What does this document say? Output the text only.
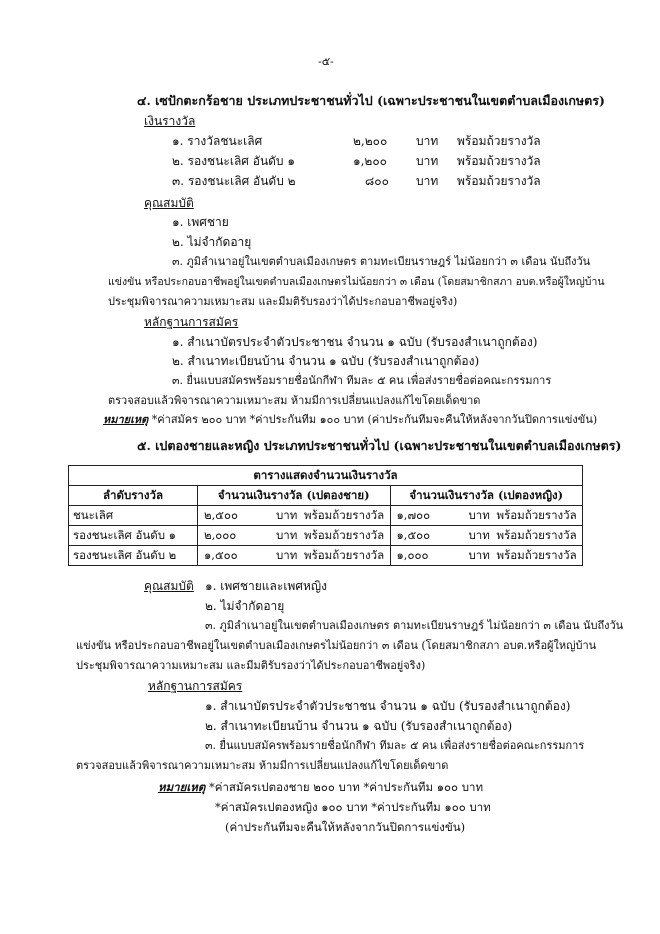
-๕-
๔. เซปักตะกร้อชาย ประเภทประชาชนทั่วไป (เฉพาะประชาชนในเขตตำบลเมืองเกษตร)
เงินรางวัล
๑. รางวัลชนะเลิศ	๒,๒๐๐ บาท พร้อมถ้วยรางวัล
๒. รองชนะเลิศ อันดับ ๑	๑,๒๐๐ บาท พร้อมถ้วยรางวัล
๓. รองชนะเลิศ อันดับ ๒	๘๐๐ บาท พร้อมถ้วยรางวัล
คุณสมบัติ
๑. เพศชาย
๒. ไม่จำกัดอายุ
๓. ภูมิลำเนาอยู่ในเขตตำบลเมืองเกษตร ตามทะเบียนราษฎร์ ไม่น้อยกว่า ๓ เดือน นับถึงวัน
แข่งขัน หรือประกอบอาชีพอยู่ในเขตตำบลเมืองเกษตรไม่น้อยกว่า ๓ เดือน (โดยสมาชิกสภา อบต.หรือผู้ใหญ่บ้าน
ประชุมพิจารณาความเหมาะสม และมีมติรับรองว่าได้ประกอบอาชีพอยู่จริง)
หลักฐานการสมัคร
๑. สำเนาบัตรประจำตัวประชาชน จำนวน ๑ ฉบับ (รับรองสำเนาถูกต้อง)
๒. สำเนาทะเบียนบ้าน จำนวน ๑ ฉบับ (รับรองสำเนาถูกต้อง)
๓. ยื่นแบบสมัครพร้อมรายชื่อนักกีฬา ทีมละ ๕ คน เพื่อส่งรายชื่อต่อคณะกรรมการ
ตรวจสอบแล้วพิจารณาความเหมาะสม ห้ามมีการเปลี่ยนแปลงแก้ไขโดยเด็ดขาด
หมายเหตุ *ค่าสมัคร ๒๐๐ บาท *ค่าประกันทีม ๑๐๐ บาท (ค่าประกันทีมจะคืนให้หลังจากวันปิดการแข่งขัน)
๕. เปตองชายและหญิง ประเภทประชาชนทั่วไป (เฉพาะประชาชนในเขตตำบลเมืองเกษตร)
ตารางแสดงจำนวนเงินรางวัล		
ลำดับรางวัล	จำนวนเงินรางวัล (เปตองชาย)	จำนวนเงินรางวัล (เปตองหญิง)
ชนะเลิศ	๒,๕๐๐ บาท พร้อมถ้วยรางวัล	๑,๗๐๐ บาท พร้อมถ้วยรางวัล
รองชนะเลิศ อันดับ ๑	๒,๐๐๐ บาท พร้อมถ้วยรางวัล	๑,๕๐๐ บาท พร้อมถ้วยรางวัล
รองชนะเลิศ อันดับ ๒	๑,๕๐๐ บาท พร้อมถ้วยรางวัล	๑,๐๐๐ บาท พร้อมถ้วยรางวัล
คุณสมบัติ ๑. เพศชายและเพศหญิง
๒. ไม่จำกัดอายุ
๓. ภูมิลำเนาอยู่ในเขตตำบลเมืองเกษตร ตามทะเบียนราษฎร์ ไม่น้อยกว่า ๓ เดือน นับถึงวัน
แข่งขัน หรือประกอบอาชีพอยู่ในเขตตำบลเมืองเกษตรไม่น้อยกว่า ๓ เดือน (โดยสมาชิกสภา อบต.หรือผู้ใหญ่บ้าน
ประชุมพิจารณาความเหมาะสม และมีมติรับรองว่าได้ประกอบอาชีพอยู่จริง)
หลักฐานการสมัคร
๑. สำเนาบัตรประจำตัวประชาชน จำนวน ๑ ฉบับ (รับรองสำเนาถูกต้อง)
๒. สำเนาทะเบียนบ้าน จำนวน ๑ ฉบับ (รับรองสำเนาถูกต้อง)
๓. ยื่นแบบสมัครพร้อมรายชื่อนักกีฬา ทีมละ ๕ คน เพื่อส่งรายชื่อต่อคณะกรรมการ
ตรวจสอบแล้วพิจารณาความเหมาะสม ห้ามมีการเปลี่ยนแปลงแก้ไขโดยเด็ดขาด
หมายเหตุ *ค่าสมัครเปตองชาย ๒๐๐ บาท *ค่าประกันทีม ๑๐๐ บาท
*ค่าสมัครเปตองหญิง ๑๐๐ บาท *ค่าประกันทีม ๑๐๐ บาท
(ค่าประกันทีมจะคืนให้หลังจากวันปิดการแข่งขัน)
